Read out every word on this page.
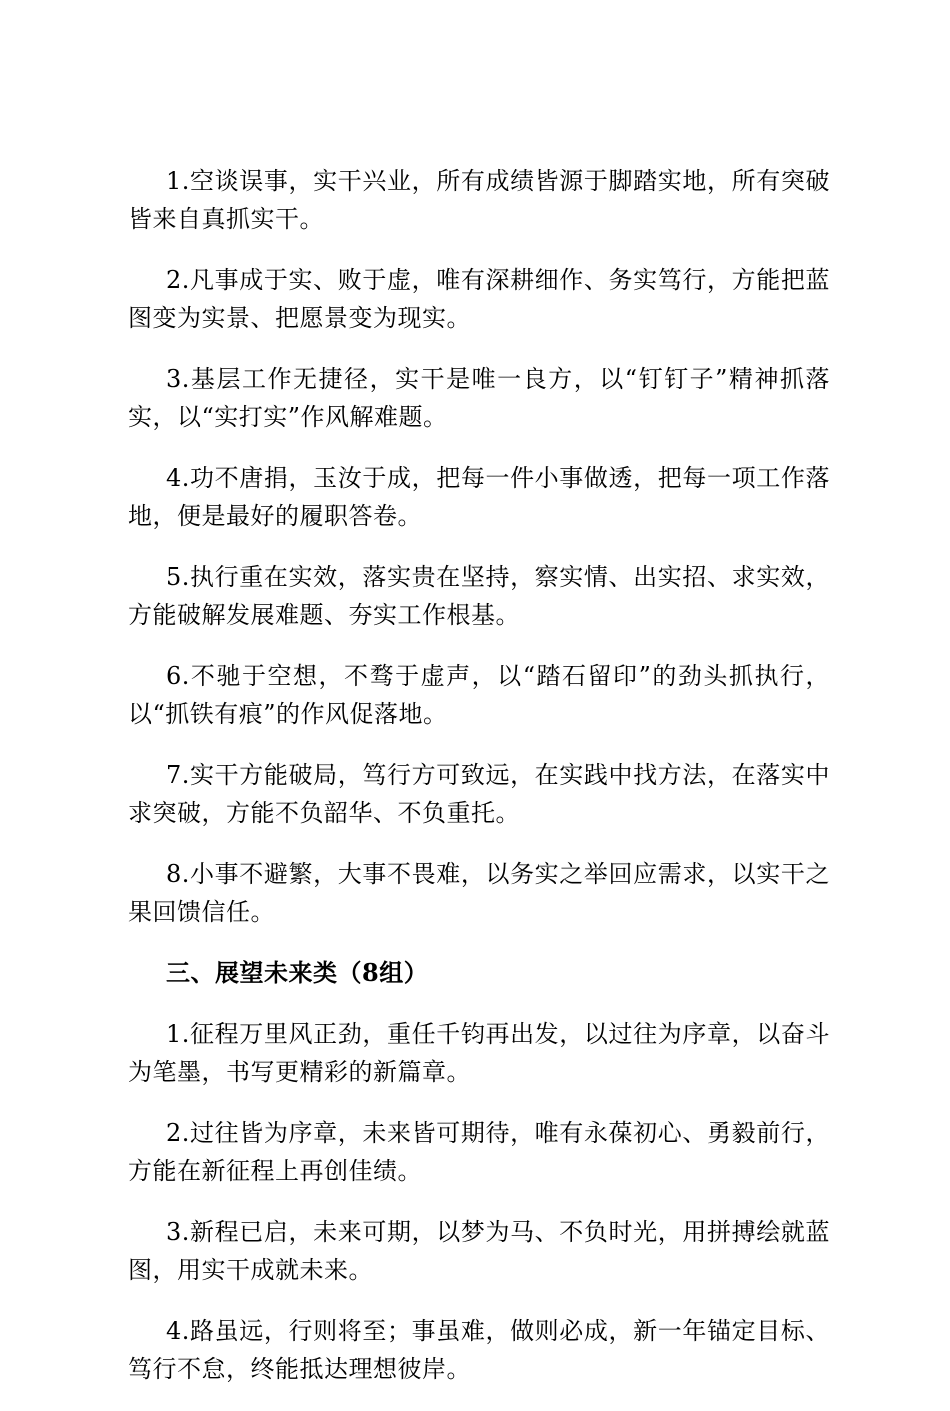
1.空谈误事，实干兴业，所有成绩皆源于脚踏实地，所有突破皆来自真抓实干。

2.凡事成于实、败于虚，唯有深耕细作、务实笃行，方能把蓝图变为实景、把愿景变为现实。

3.基层工作无捷径，实干是唯一良方，以“钉钉子”精神抓落实，以“实打实”作风解难题。

4.功不唐捐，玉汝于成，把每一件小事做透，把每一项工作落地，便是最好的履职答卷。

5.执行重在实效，落实贵在坚持，察实情、出实招、求实效，方能破解发展难题、夯实工作根基。

6.不驰于空想，不骛于虚声，以“踏石留印”的劲头抓执行，以“抓铁有痕”的作风促落地。

7.实干方能破局，笃行方可致远，在实践中找方法，在落实中求突破，方能不负韶华、不负重托。

8.小事不避繁，大事不畏难，以务实之举回应需求，以实干之果回馈信任。

三、展望未来类（8组）

1.征程万里风正劲，重任千钧再出发，以过往为序章，以奋斗为笔墨，书写更精彩的新篇章。

2.过往皆为序章，未来皆可期待，唯有永葆初心、勇毅前行，方能在新征程上再创佳绩。

3.新程已启，未来可期，以梦为马、不负时光，用拼搏绘就蓝图，用实干成就未来。

4.路虽远，行则将至；事虽难，做则必成，新一年锚定目标、笃行不怠，终能抵达理想彼岸。
